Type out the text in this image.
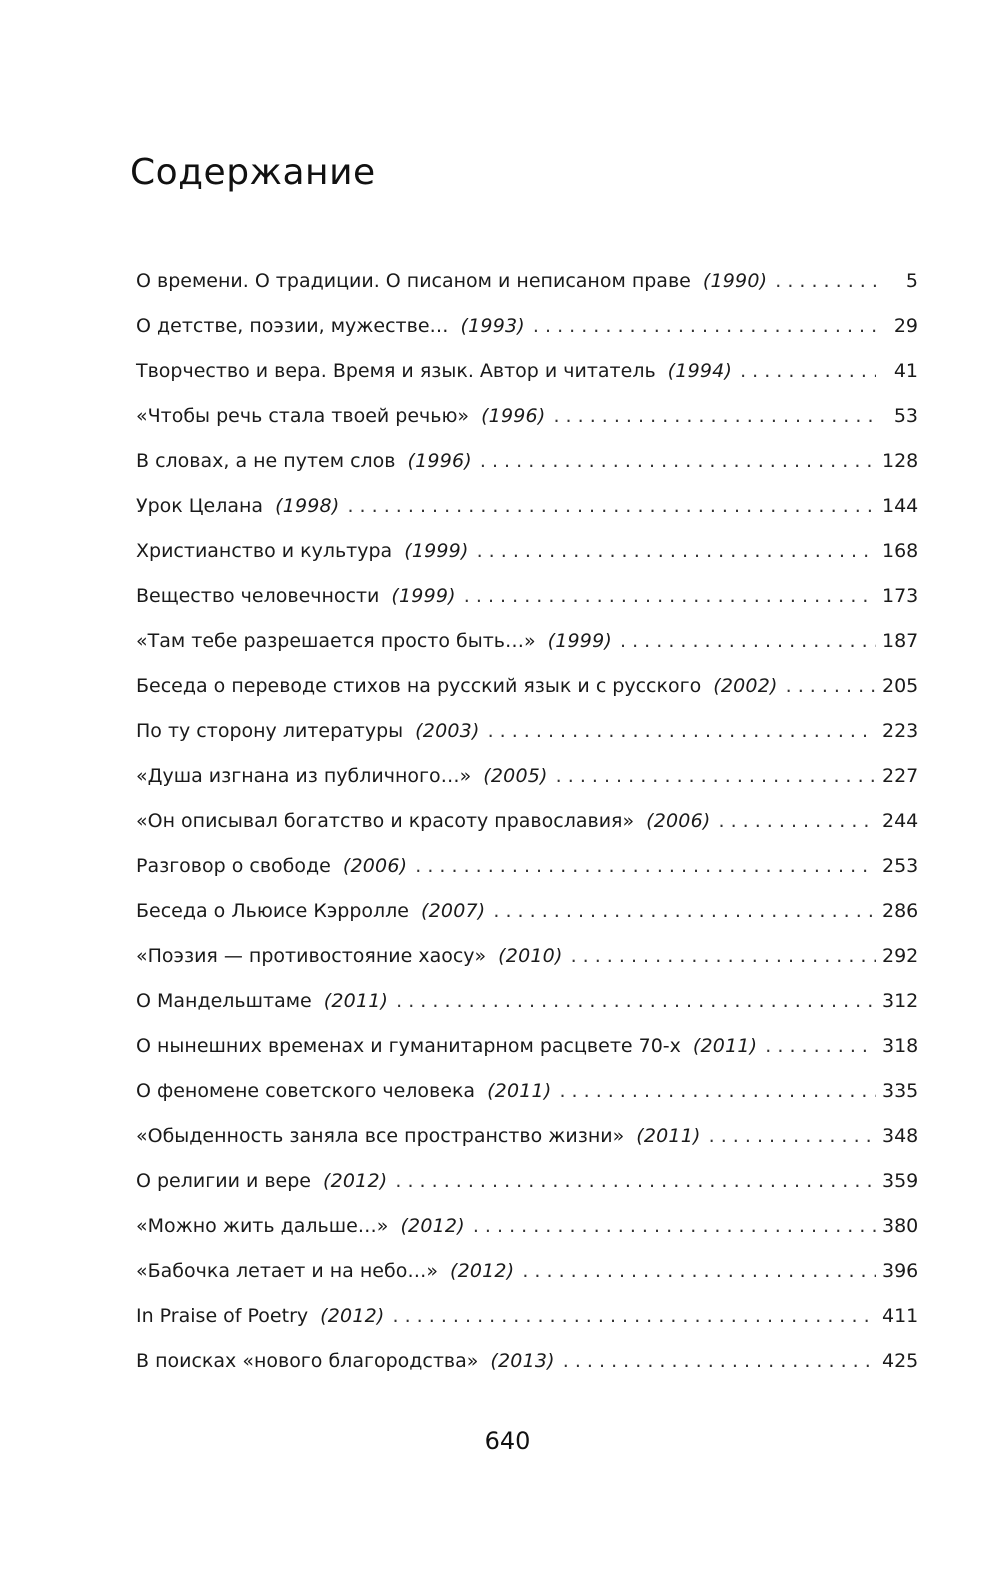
Содержание
О времени. О традиции. О писаном и неписаном праве (1990) . . .	5
О детстве, поэзии, мужестве… (1993) . . .	29
Творчество и вера. Время и язык. Автор и читатель (1994) . . .	41
«Чтобы речь стала твоей речью» (1996) . . .	53
В словах, а не путем слов (1996) . . .	128
Урок Целана (1998) . . .	144
Христианство и культура (1999) . . .	168
Вещество человечности (1999) . . .	173
«Там тебе разрешается просто быть…» (1999) . . .	187
Беседа о переводе стихов на русский язык и с русского (2002) . . .	205
По ту сторону литературы (2003) . . .	223
«Душа изгнана из публичного…» (2005) . . .	227
«Он описывал богатство и красоту православия» (2006) . . .	244
Разговор о свободе (2006) . . .	253
Беседа о Льюисе Кэрролле (2007) . . .	286
«Поэзия — противостояние хаосу» (2010) . . .	292
О Мандельштаме (2011) . . .	312
О нынешних временах и гуманитарном расцвете 70-х (2011) . . .	318
О феномене советского человека (2011) . . .	335
«Обыденность заняла все пространство жизни» (2011) . . .	348
О религии и вере (2012) . . .	359
«Можно жить дальше…» (2012) . . .	380
«Бабочка летает и на небо…» (2012) . . .	396
In Praise of Poetry (2012) . . .	411
В поисках «нового благородства» (2013) . . .	425
640
